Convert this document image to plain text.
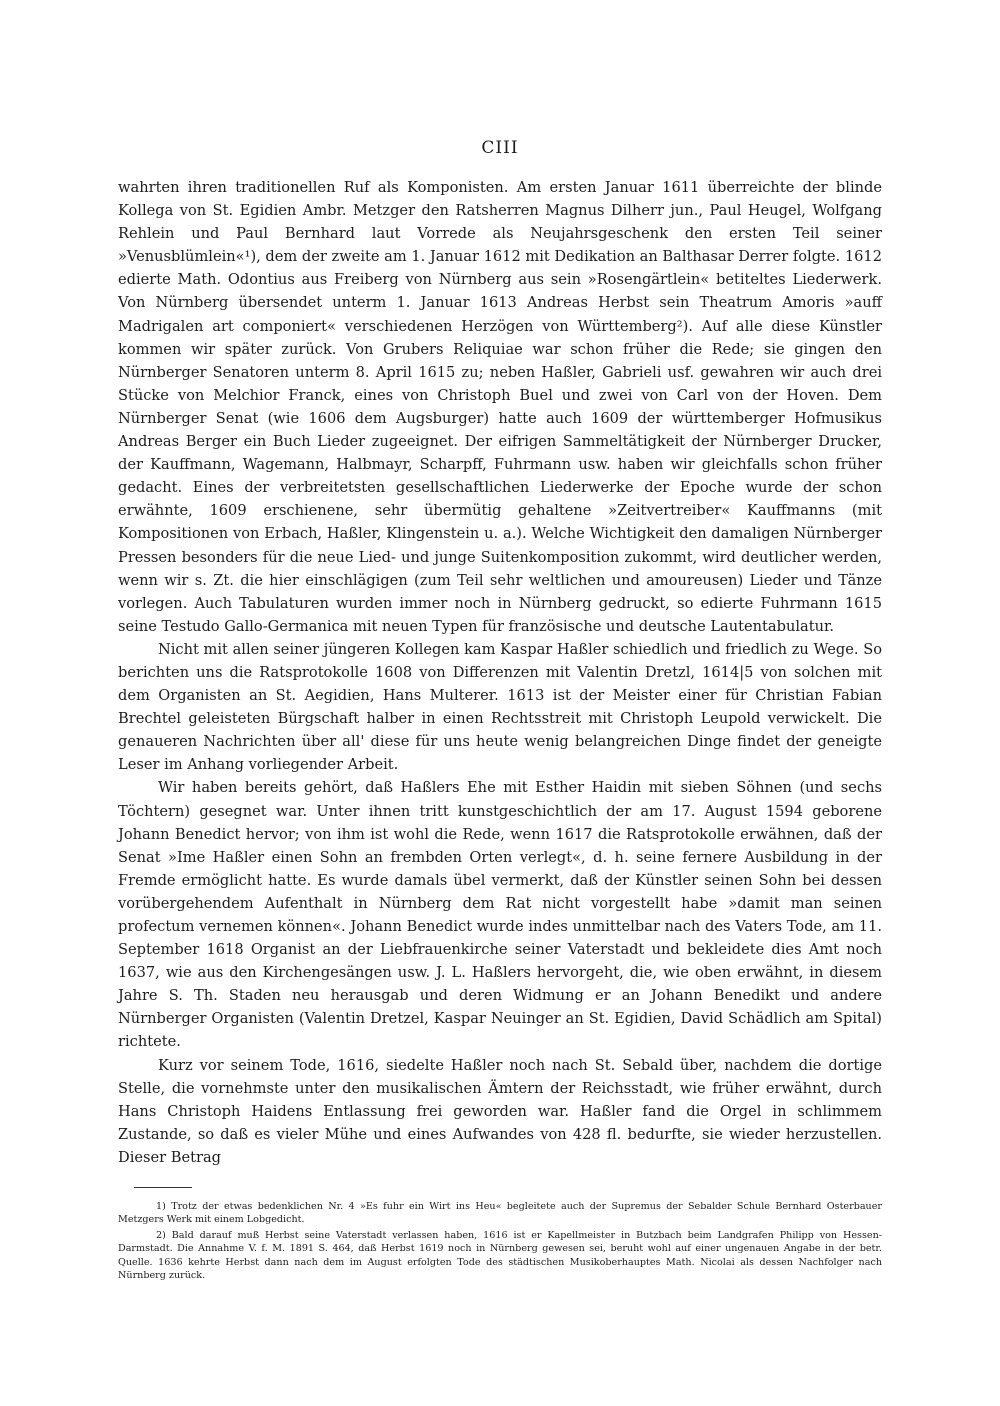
CIII

wahrten ihren traditionellen Ruf als Komponisten. Am ersten Januar 1611 überreichte der blinde Kollega von St. Egidien Ambr. Metzger den Ratsherren Magnus Dilherr jun., Paul Heugel, Wolfgang Rehlein und Paul Bernhard laut Vorrede als Neujahrsgeschenk den ersten Teil seiner »Venusblümlein«¹), dem der zweite am 1. Januar 1612 mit Dedikation an Balthasar Derrer folgte. 1612 edierte Math. Odontius aus Freiberg von Nürnberg aus sein »Rosengärtlein« betiteltes Liederwerk. Von Nürnberg übersendet unterm 1. Januar 1613 Andreas Herbst sein Theatrum Amoris »auff Madrigalen art componiert« verschiedenen Herzögen von Württemberg²). Auf alle diese Künstler kommen wir später zurück. Von Grubers Reliquiae war schon früher die Rede; sie gingen den Nürnberger Senatoren unterm 8. April 1615 zu; neben Haßler, Gabrieli usf. gewahren wir auch drei Stücke von Melchior Franck, eines von Christoph Buel und zwei von Carl von der Hoven. Dem Nürnberger Senat (wie 1606 dem Augsburger) hatte auch 1609 der württemberger Hofmusikus Andreas Berger ein Buch Lieder zugeeignet. Der eifrigen Sammeltätigkeit der Nürnberger Drucker, der Kauffmann, Wagemann, Halbmayr, Scharpff, Fuhrmann usw. haben wir gleichfalls schon früher gedacht. Eines der verbreitetsten gesellschaftlichen Liederwerke der Epoche wurde der schon erwähnte, 1609 erschienene, sehr übermütig gehaltene »Zeitvertreiber« Kauffmanns (mit Kompositionen von Erbach, Haßler, Klingenstein u. a.). Welche Wichtigkeit den damaligen Nürnberger Pressen besonders für die neue Lied- und junge Suitenkomposition zukommt, wird deutlicher werden, wenn wir s. Zt. die hier einschlägigen (zum Teil sehr weltlichen und amoureusen) Lieder und Tänze vorlegen. Auch Tabulaturen wurden immer noch in Nürnberg gedruckt, so edierte Fuhrmann 1615 seine Testudo Gallo-Germanica mit neuen Typen für französische und deutsche Lautentabulatur.

Nicht mit allen seiner jüngeren Kollegen kam Kaspar Haßler schiedlich und friedlich zu Wege. So berichten uns die Ratsprotokolle 1608 von Differenzen mit Valentin Dretzl, 1614|5 von solchen mit dem Organisten an St. Aegidien, Hans Multerer. 1613 ist der Meister einer für Christian Fabian Brechtel geleisteten Bürgschaft halber in einen Rechtsstreit mit Christoph Leupold verwickelt. Die genaueren Nachrichten über all' diese für uns heute wenig belangreichen Dinge findet der geneigte Leser im Anhang vorliegender Arbeit.

Wir haben bereits gehört, daß Haßlers Ehe mit Esther Haidin mit sieben Söhnen (und sechs Töchtern) gesegnet war. Unter ihnen tritt kunstgeschichtlich der am 17. August 1594 geborene Johann Benedict hervor; von ihm ist wohl die Rede, wenn 1617 die Ratsprotokolle erwähnen, daß der Senat »Ime Haßler einen Sohn an frembden Orten verlegt«, d. h. seine fernere Ausbildung in der Fremde ermöglicht hatte. Es wurde damals übel vermerkt, daß der Künstler seinen Sohn bei dessen vorübergehendem Aufenthalt in Nürnberg dem Rat nicht vorgestellt habe »damit man seinen profectum vernemen können«. Johann Benedict wurde indes unmittelbar nach des Vaters Tode, am 11. September 1618 Organist an der Liebfrauenkirche seiner Vaterstadt und bekleidete dies Amt noch 1637, wie aus den Kirchengesängen usw. J. L. Haßlers hervorgeht, die, wie oben erwähnt, in diesem Jahre S. Th. Staden neu herausgab und deren Widmung er an Johann Benedikt und andere Nürnberger Organisten (Valentin Dretzel, Kaspar Neuinger an St. Egidien, David Schädlich am Spital) richtete.

Kurz vor seinem Tode, 1616, siedelte Haßler noch nach St. Sebald über, nachdem die dortige Stelle, die vornehmste unter den musikalischen Ämtern der Reichsstadt, wie früher erwähnt, durch Hans Christoph Haidens Entlassung frei geworden war. Haßler fand die Orgel in schlimmem Zustande, so daß es vieler Mühe und eines Aufwandes von 428 fl. bedurfte, sie wieder herzustellen. Dieser Betrag

1) Trotz der etwas bedenklichen Nr. 4 »Es fuhr ein Wirt ins Heu« begleitete auch der Supremus der Sebalder Schule Bernhard Osterbauer Metzgers Werk mit einem Lobgedicht.

2) Bald darauf muß Herbst seine Vaterstadt verlassen haben, 1616 ist er Kapellmeister in Butzbach beim Landgrafen Philipp von Hessen-Darmstadt. Die Annahme V. f. M. 1891 S. 464, daß Herbst 1619 noch in Nürnberg gewesen sei, beruht wohl auf einer ungenauen Angabe in der betr. Quelle. 1636 kehrte Herbst dann nach dem im August erfolgten Tode des städtischen Musikoberhauptes Math. Nicolai als dessen Nachfolger nach Nürnberg zurück.
